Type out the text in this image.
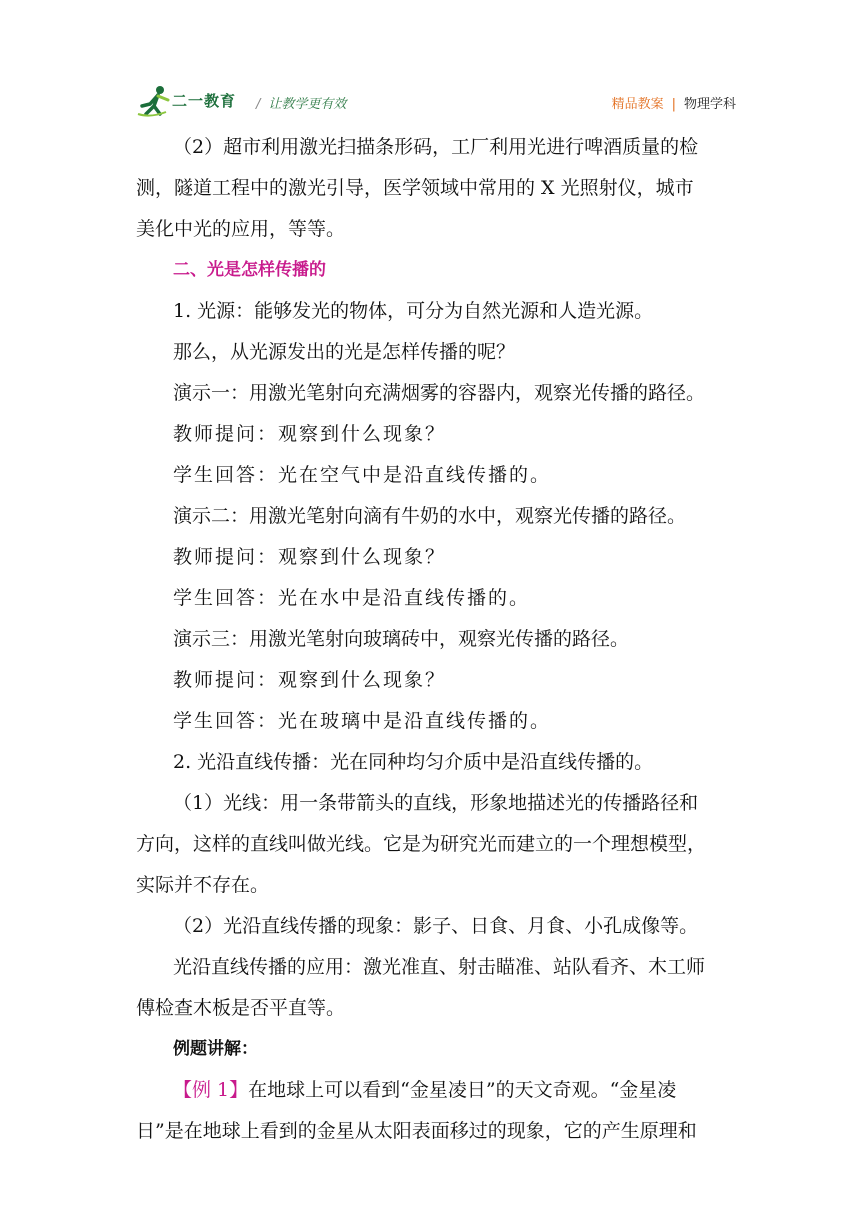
二一教育 / 让教学更有效	精品教案 | 物理学科

（2）超市利用激光扫描条形码，工厂利用光进行啤酒质量的检

测，隧道工程中的激光引导，医学领域中常用的 X 光照射仪，城市

美化中光的应用，等等。

二、光是怎样传播的

1. 光源：能够发光的物体，可分为自然光源和人造光源。

那么，从光源发出的光是怎样传播的呢？

演示一：用激光笔射向充满烟雾的容器内，观察光传播的路径。

教师提问：观察到什么现象？

学生回答：光在空气中是沿直线传播的。

演示二：用激光笔射向滴有牛奶的水中，观察光传播的路径。

教师提问：观察到什么现象？

学生回答：光在水中是沿直线传播的。

演示三：用激光笔射向玻璃砖中，观察光传播的路径。

教师提问：观察到什么现象？

学生回答：光在玻璃中是沿直线传播的。

2. 光沿直线传播：光在同种均匀介质中是沿直线传播的。

（1）光线：用一条带箭头的直线，形象地描述光的传播路径和

方向，这样的直线叫做光线。它是为研究光而建立的一个理想模型，

实际并不存在。

（2）光沿直线传播的现象：影子、日食、月食、小孔成像等。

光沿直线传播的应用：激光准直、射击瞄准、站队看齐、木工师

傅检查木板是否平直等。

例题讲解：

【例 1】在地球上可以看到“金星凌日”的天文奇观。“金星凌

日”是在地球上看到的金星从太阳表面移过的现象，它的产生原理和
